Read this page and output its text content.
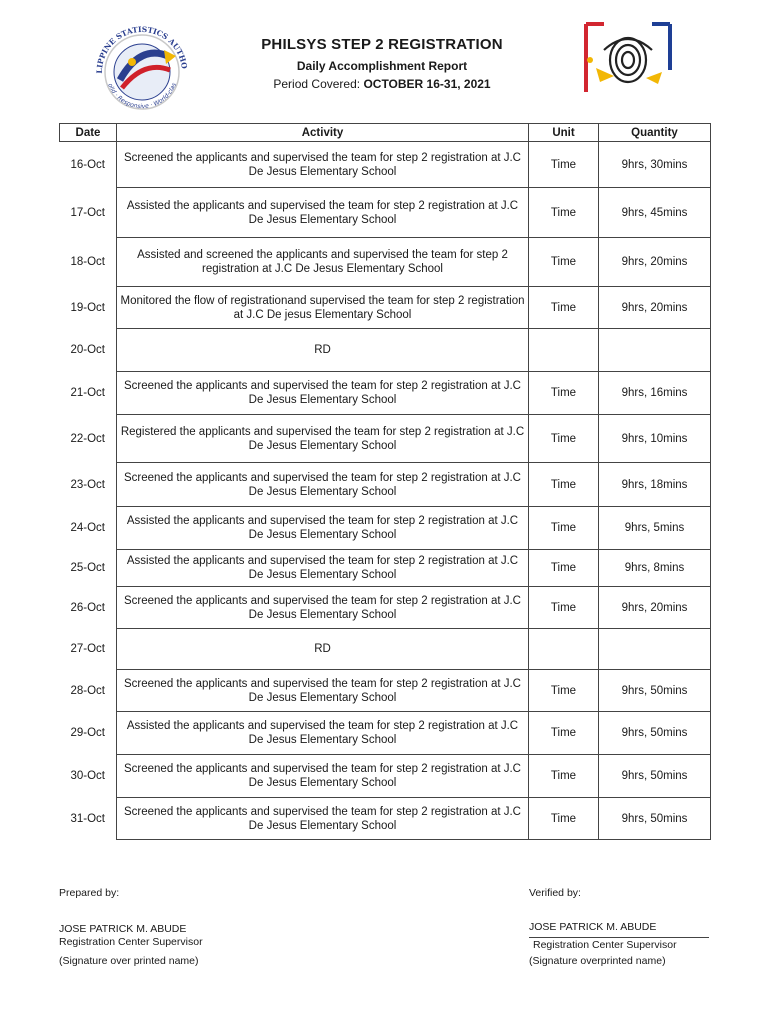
LIPPINE STATISTICS AUTHO
olid · Responsive · World-clas
PHILSYS STEP 2 REGISTRATION
Daily Accomplishment Report
Period Covered: OCTOBER 16-31, 2021
Date	Activity	Unit	Quantity
16-Oct	Screened the applicants and supervised the team for step 2 registration at J.C De Jesus Elementary School	Time	9hrs, 30mins
17-Oct	Assisted the applicants and supervised the team for step 2 registration at J.C De Jesus Elementary School	Time	9hrs, 45mins
18-Oct	Assisted and screened the applicants and supervised the team for step 2 registration at J.C De Jesus Elementary School	Time	9hrs, 20mins
19-Oct	Monitored the flow of registrationand supervised the team for step 2 registration at J.C De jesus Elementary School	Time	9hrs, 20mins
20-Oct	RD		
21-Oct	Screened the applicants and supervised the team for step 2 registration at J.C De Jesus Elementary School	Time	9hrs, 16mins
22-Oct	Registered the applicants and supervised the team for step 2 registration at J.C De Jesus Elementary School	Time	9hrs, 10mins
23-Oct	Screened the applicants and supervised the team for step 2 registration at J.C De Jesus Elementary School	Time	9hrs, 18mins
24-Oct	Assisted the applicants and supervised the team for step 2 registration at J.C De Jesus Elementary School	Time	9hrs, 5mins
25-Oct	Assisted the applicants and supervised the team for step 2 registration at J.C De Jesus Elementary School	Time	9hrs, 8mins
26-Oct	Screened the applicants and supervised the team for step 2 registration at J.C De Jesus Elementary School	Time	9hrs, 20mins
27-Oct	RD		
28-Oct	Screened the applicants and supervised the team for step 2 registration at J.C De Jesus Elementary School	Time	9hrs, 50mins
29-Oct	Assisted the applicants and supervised the team for step 2 registration at J.C De Jesus Elementary School	Time	9hrs, 50mins
30-Oct	Screened the applicants and supervised the team for step 2 registration at J.C De Jesus Elementary School	Time	9hrs, 50mins
31-Oct	Screened the applicants and supervised the team for step 2 registration at J.C De Jesus Elementary School	Time	9hrs, 50mins
Prepared by:
JOSE PATRICK M. ABUDE
Registration Center Supervisor
(Signature over printed name)
Verified by:
JOSE PATRICK M. ABUDE
Registration Center Supervisor
(Signature overprinted name)
